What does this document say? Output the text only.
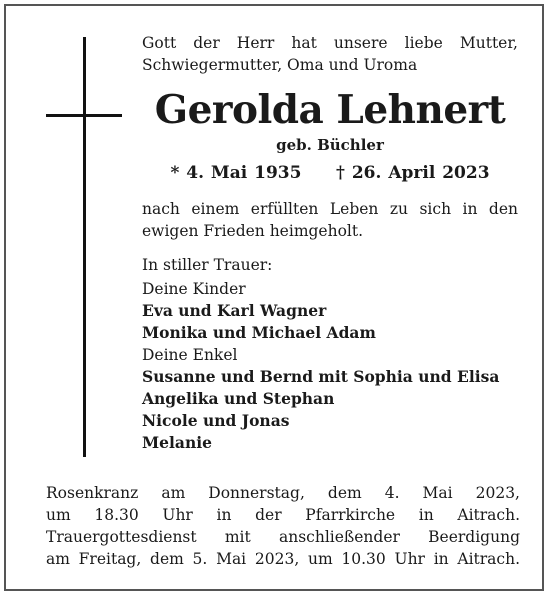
Gott der Herr hat unsere liebe Mutter,
Schwiegermutter, Oma und Uroma
Gerolda Lehnert
geb. Büchler
* 4. Mai 1935 † 26. April 2023
nach einem erfüllten Leben zu sich in den
ewigen Frieden heimgeholt.
In stiller Trauer:
Deine Kinder
Eva und Karl Wagner
Monika und Michael Adam
Deine Enkel
Susanne und Bernd mit Sophia und Elisa
Angelika und Stephan
Nicole und Jonas
Melanie
Rosenkranz am Donnerstag, dem 4. Mai 2023,
um 18.30 Uhr in der Pfarrkirche in Aitrach.
Trauergottesdienst mit anschließender Beerdigung
am Freitag, dem 5. Mai 2023, um 10.30 Uhr in Aitrach.
